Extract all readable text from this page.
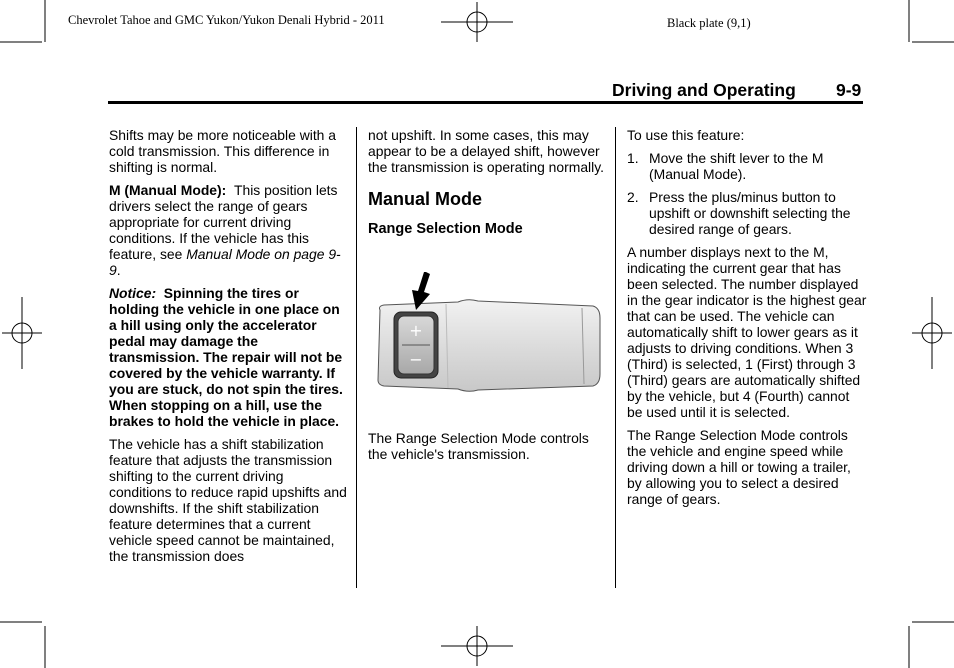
Chevrolet Tahoe and GMC Yukon/Yukon Denali Hybrid - 2011	Black plate (9,1)
Driving and Operating 9-9

Shifts may be more noticeable with a cold transmission. This difference in shifting is normal.

M (Manual Mode): This position lets drivers select the range of gears appropriate for current driving conditions. If the vehicle has this feature, see Manual Mode on page 9-9.

Notice: Spinning the tires or holding the vehicle in one place on a hill using only the accelerator pedal may damage the transmission. The repair will not be covered by the vehicle warranty. If you are stuck, do not spin the tires. When stopping on a hill, use the brakes to hold the vehicle in place.

The vehicle has a shift stabilization feature that adjusts the transmission shifting to the current driving conditions to reduce rapid upshifts and downshifts. If the shift stabilization feature determines that a current vehicle speed cannot be maintained, the transmission does

not upshift. In some cases, this may appear to be a delayed shift, however the transmission is operating normally.

Manual Mode
Range Selection Mode
+
−

The Range Selection Mode controls the vehicle's transmission.

To use this feature:

1. Move the shift lever to the M (Manual Mode).
2. Press the plus/minus button to upshift or downshift selecting the desired range of gears.

A number displays next to the M, indicating the current gear that has been selected. The number displayed in the gear indicator is the highest gear that can be used. The vehicle can automatically shift to lower gears as it adjusts to driving conditions. When 3 (Third) is selected, 1 (First) through 3 (Third) gears are automatically shifted by the vehicle, but 4 (Fourth) cannot be used until it is selected.

The Range Selection Mode controls the vehicle and engine speed while driving down a hill or towing a trailer, by allowing you to select a desired range of gears.
